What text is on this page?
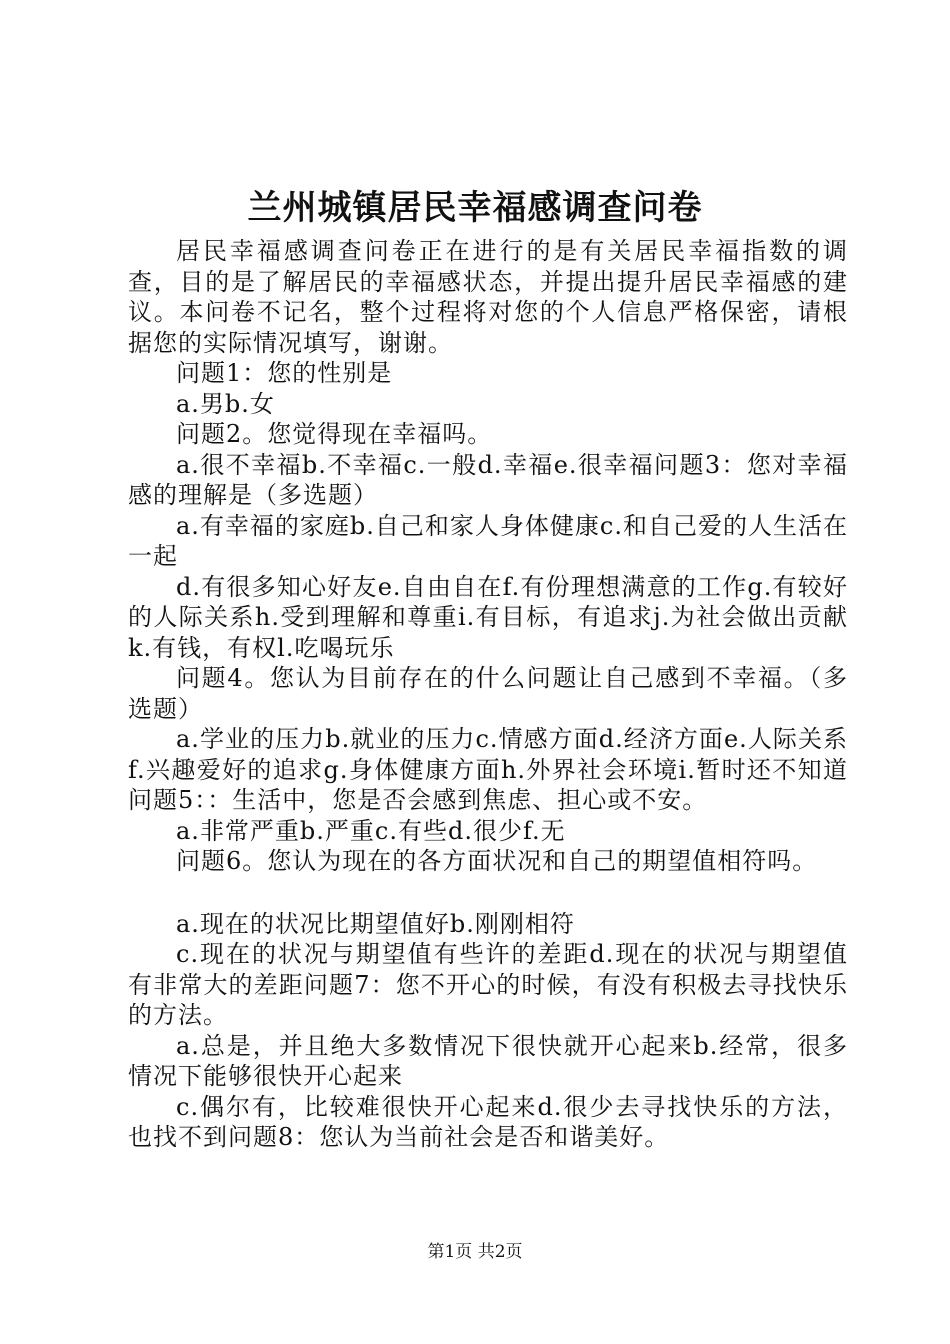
兰州城镇居民幸福感调查问卷

居民幸福感调查问卷正在进行的是有关居民幸福指数的调查，目的是了解居民的幸福感状态，并提出提升居民幸福感的建议。本问卷不记名，整个过程将对您的个人信息严格保密，请根据您的实际情况填写，谢谢。

问题1：您的性别是

a.男b.女

问题2。您觉得现在幸福吗。

a.很不幸福b.不幸福c.一般d.幸福e.很幸福问题3：您对幸福感的理解是（多选题）

a.有幸福的家庭b.自己和家人身体健康c.和自己爱的人生活在一起

d.有很多知心好友e.自由自在f.有份理想满意的工作g.有较好的人际关系h.受到理解和尊重i.有目标，有追求j.为社会做出贡献k.有钱，有权l.吃喝玩乐

问题4。您认为目前存在的什么问题让自己感到不幸福。（多选题）

a.学业的压力b.就业的压力c.情感方面d.经济方面e.人际关系f.兴趣爱好的追求g.身体健康方面h.外界社会环境i.暂时还不知道问题5：：生活中，您是否会感到焦虑、担心或不安。

a.非常严重b.严重c.有些d.很少f.无

问题6。您认为现在的各方面状况和自己的期望值相符吗。

a.现在的状况比期望值好b.刚刚相符

c.现在的状况与期望值有些许的差距d.现在的状况与期望值有非常大的差距问题7：您不开心的时候，有没有积极去寻找快乐的方法。

a.总是，并且绝大多数情况下很快就开心起来b.经常，很多情况下能够很快开心起来

c.偶尔有，比较难很快开心起来d.很少去寻找快乐的方法，也找不到问题8：您认为当前社会是否和谐美好。

第1页 共2页
